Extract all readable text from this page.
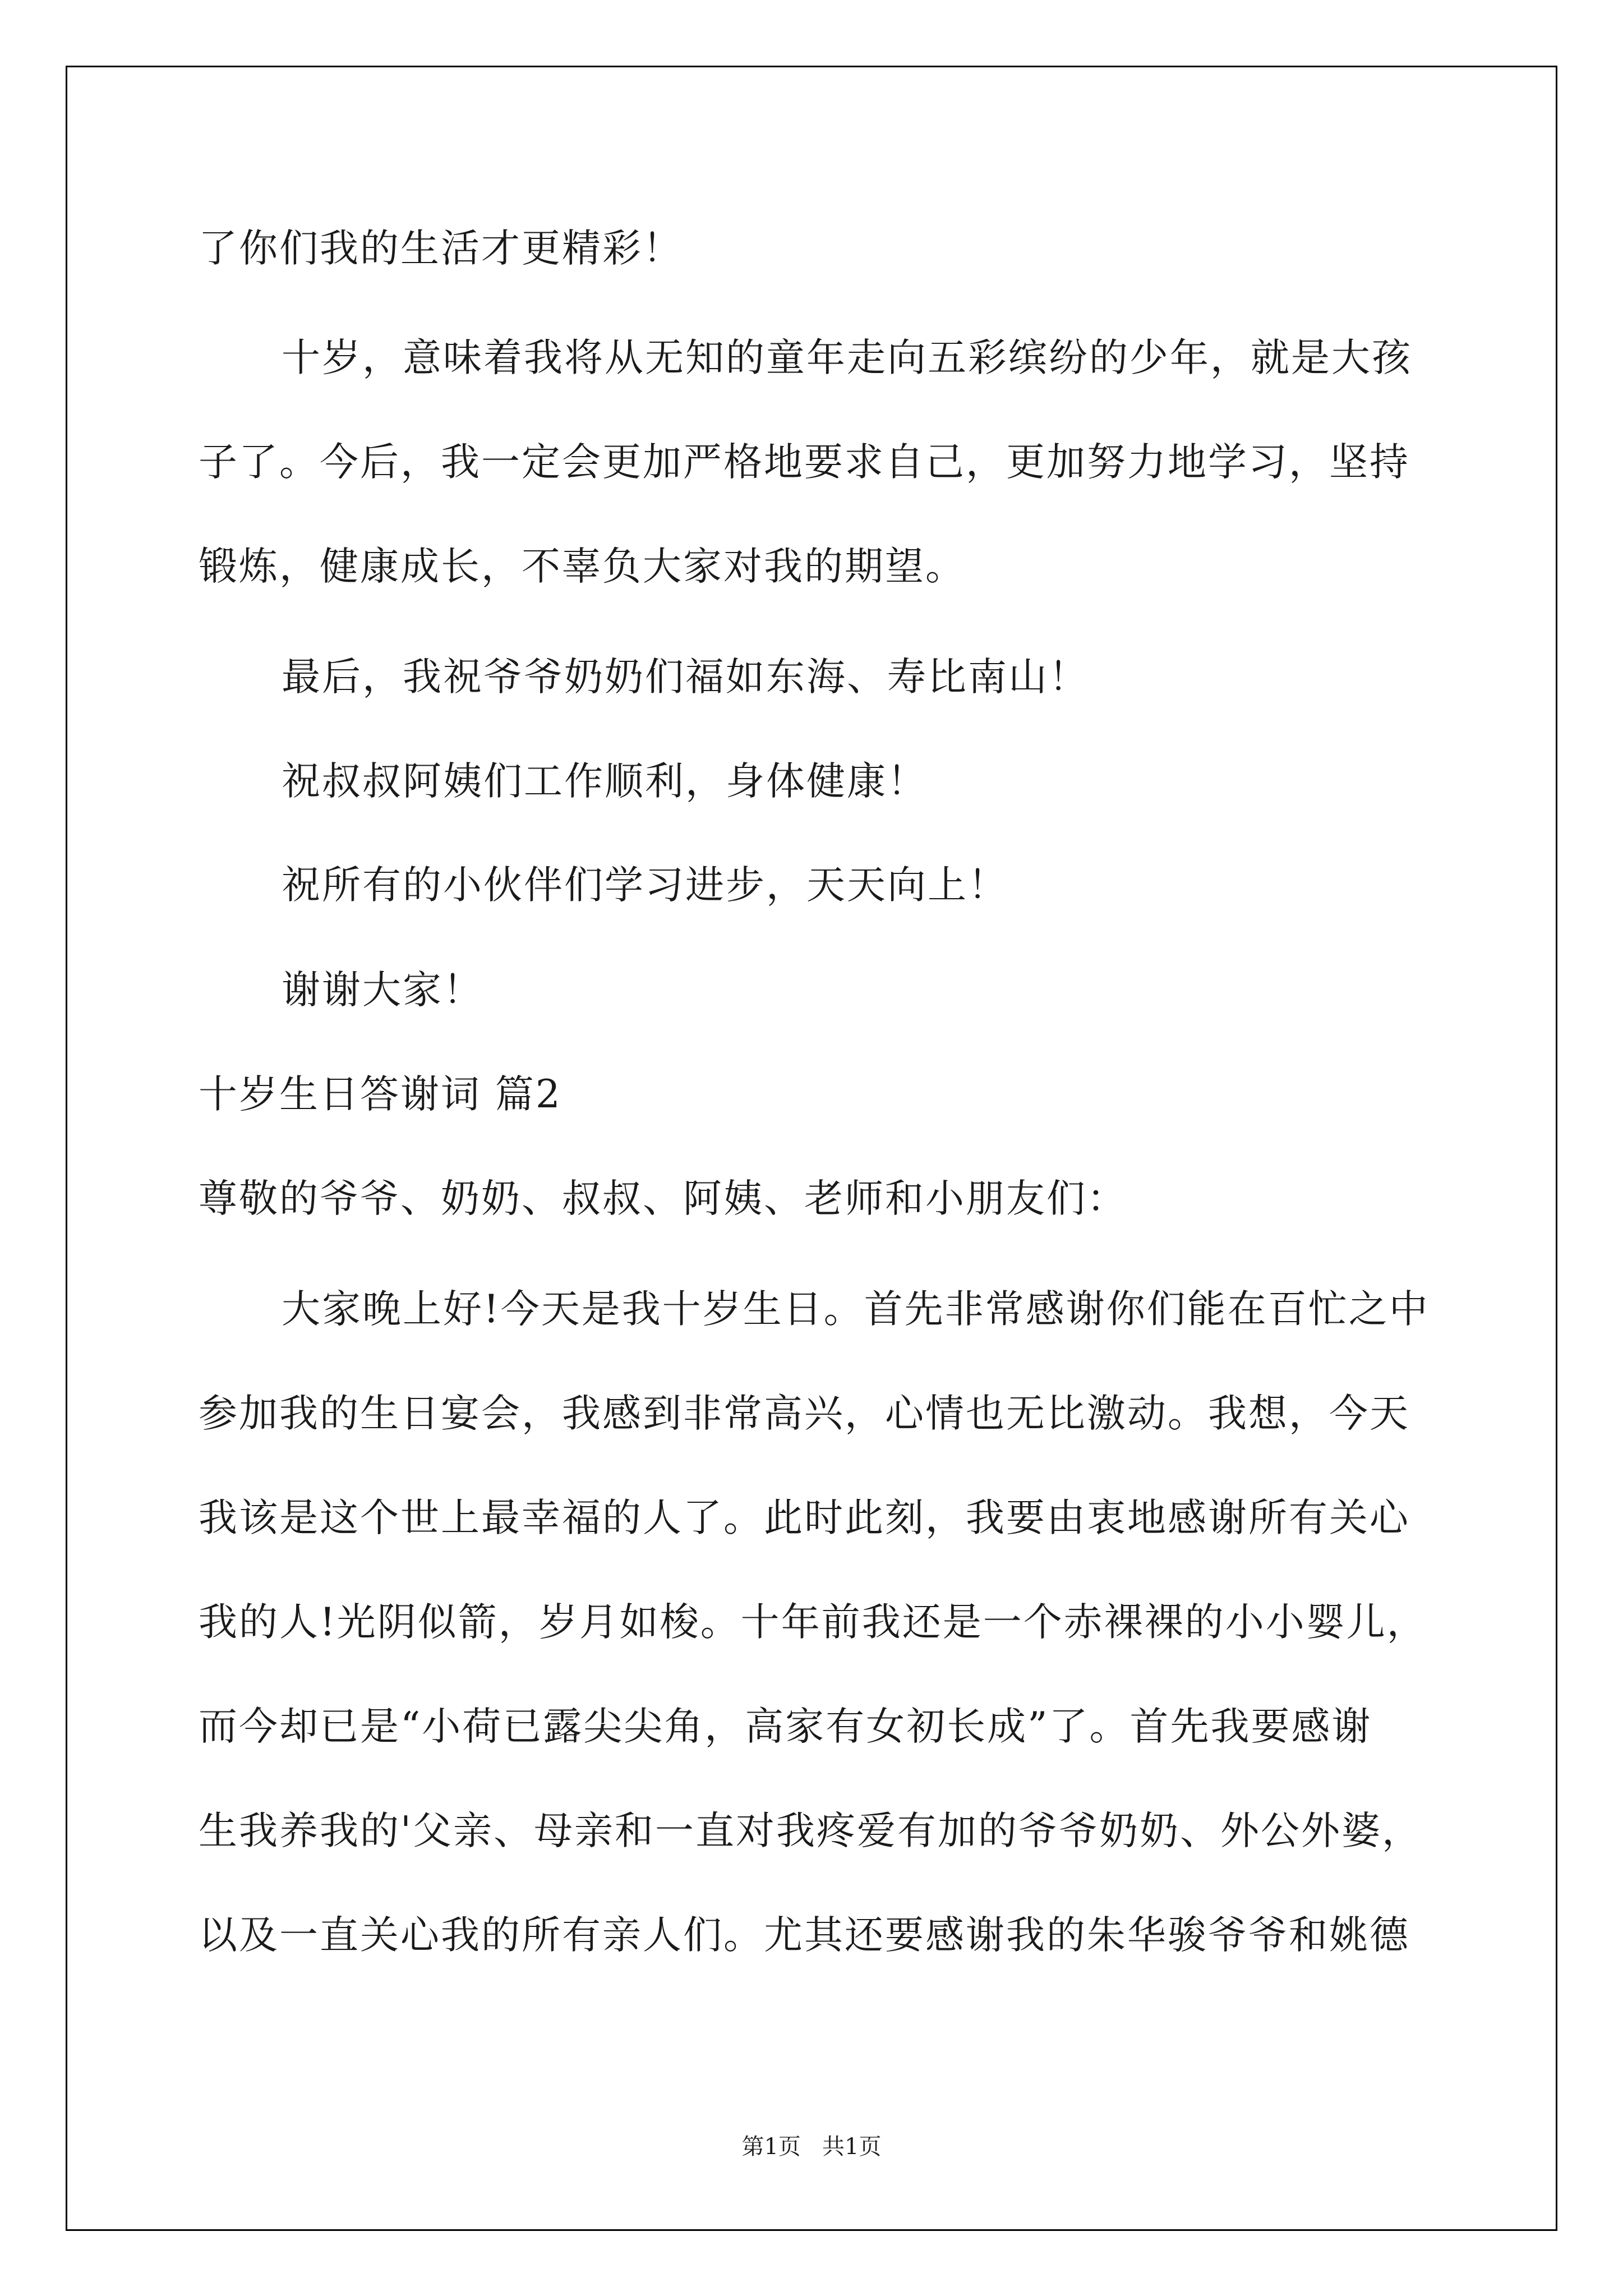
了你们我的生活才更精彩！

十岁，意味着我将从无知的童年走向五彩缤纷的少年，就是大孩

子了。今后，我一定会更加严格地要求自己，更加努力地学习，坚持

锻炼，健康成长，不辜负大家对我的期望。

最后，我祝爷爷奶奶们福如东海、寿比南山！

祝叔叔阿姨们工作顺利，身体健康！

祝所有的小伙伴们学习进步，天天向上！

谢谢大家！

十岁生日答谢词 篇2

尊敬的爷爷、奶奶、叔叔、阿姨、老师和小朋友们：

大家晚上好!今天是我十岁生日。首先非常感谢你们能在百忙之中

参加我的生日宴会，我感到非常高兴，心情也无比激动。我想，今天

我该是这个世上最幸福的人了。此时此刻，我要由衷地感谢所有关心

我的人!光阴似箭，岁月如梭。十年前我还是一个赤裸裸的小小婴儿，

而今却已是“小荷已露尖尖角，高家有女初长成”了。首先我要感谢

生我养我的'父亲、母亲和一直对我疼爱有加的爷爷奶奶、外公外婆，

以及一直关心我的所有亲人们。尤其还要感谢我的朱华骏爷爷和姚德

第1页   共1页
